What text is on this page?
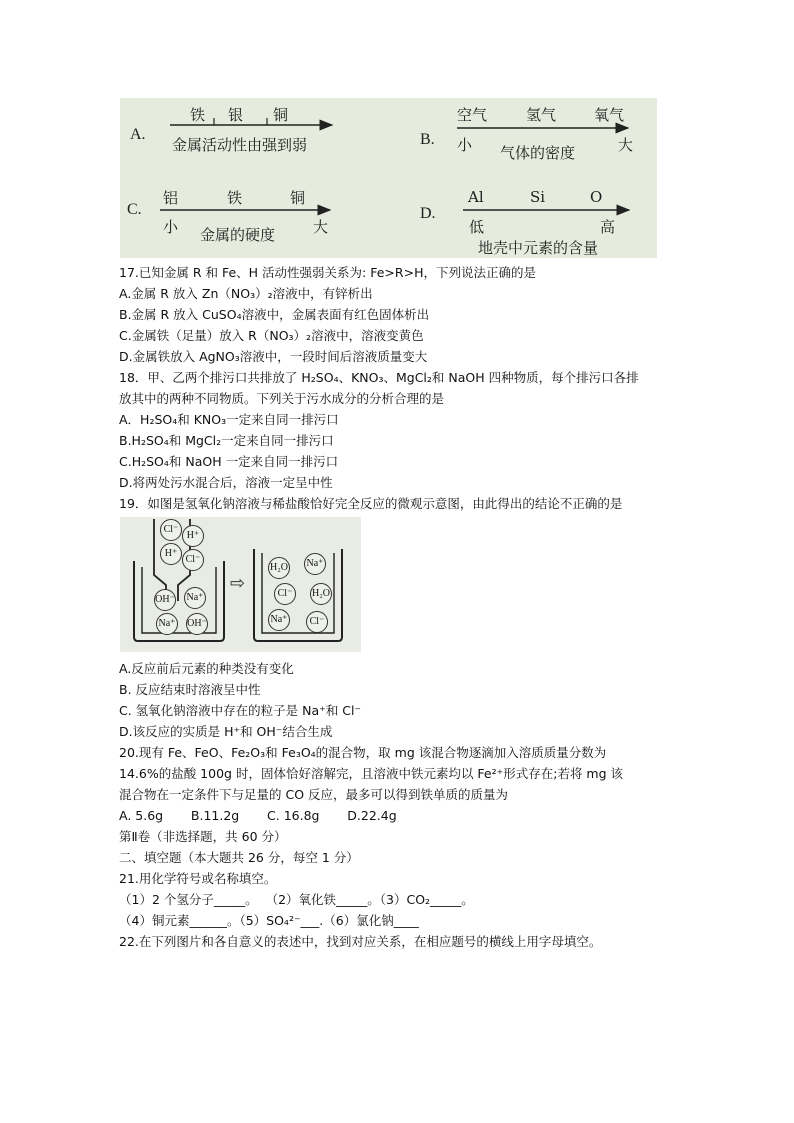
A.
铁 银 铜
金属活动性由强到弱	B.
空气	氢气	氧气
小	大
气体的密度
C.
铝	铁	铜
小	大
金属的硬度
D.
Al	Si	O
低	高
地壳中元素的含量
17.已知金属 R 和 Fe、H 活动性强弱关系为: Fe>R>H，下列说法正确的是
A.金属 R 放入 Zn（NO₃）₂溶液中，有锌析出
B.金属 R 放入 CuSO₄溶液中，金属表面有红色固体析出
C.金属铁（足量）放入 R（NO₃）₂溶液中，溶液变黄色
D.金属铁放入 AgNO₃溶液中，一段时间后溶液质量变大
18．甲、乙两个排污口共排放了 H₂SO₄、KNO₃、MgCl₂和 NaOH 四种物质，每个排污口各排
放其中的两种不同物质。下列关于污水成分的分析合理的是
A．H₂SO₄和 KNO₃一定来自同一排污口
B.H₂SO₄和 MgCl₂一定来自同一排污口
C.H₂SO₄和 NaOH 一定来自同一排污口
D.将两处污水混合后，溶液一定呈中性
19．如图是氢氧化钠溶液与稀盐酸恰好完全反应的微观示意图，由此得出的结论不正确的是
Cl⁻
H⁺
H⁺
Cl⁻
OH⁻ Na⁺
Na⁺ OH⁻
⇨
H₂O Na⁺
Cl⁻	H₂O
Na⁺	Cl⁻
A.反应前后元素的种类没有变化
B. 反应结束时溶液呈中性
C. 氢氧化钠溶液中存在的粒子是 Na⁺和 Cl⁻
D.该反应的实质是 H⁺和 OH⁻结合生成
20.现有 Fe、FeO、Fe₂O₃和 Fe₃O₄的混合物，取 mg 该混合物逐滴加入溶质质量分数为
14.6%的盐酸 100g 时，固体恰好溶解完，且溶液中铁元素均以 Fe²⁺形式存在;若将 mg 该
混合物在一定条件下与足量的 CO 反应，最多可以得到铁单质的质量为
A. 5.6g       B.11.2g       C. 16.8g       D.22.4g
第Ⅱ卷（非选择题，共 60 分）
二、填空题（本大题共 26 分，每空 1 分）
21.用化学符号或名称填空。
（1）2 个氢分子_____。  （2）氧化铁_____。（3）CO₂_____。
（4）铜元素______。（5）SO₄²⁻___.（6）氯化钠____
22.在下列图片和各自意义的表述中，找到对应关系，在相应题号的横线上用字母填空。
